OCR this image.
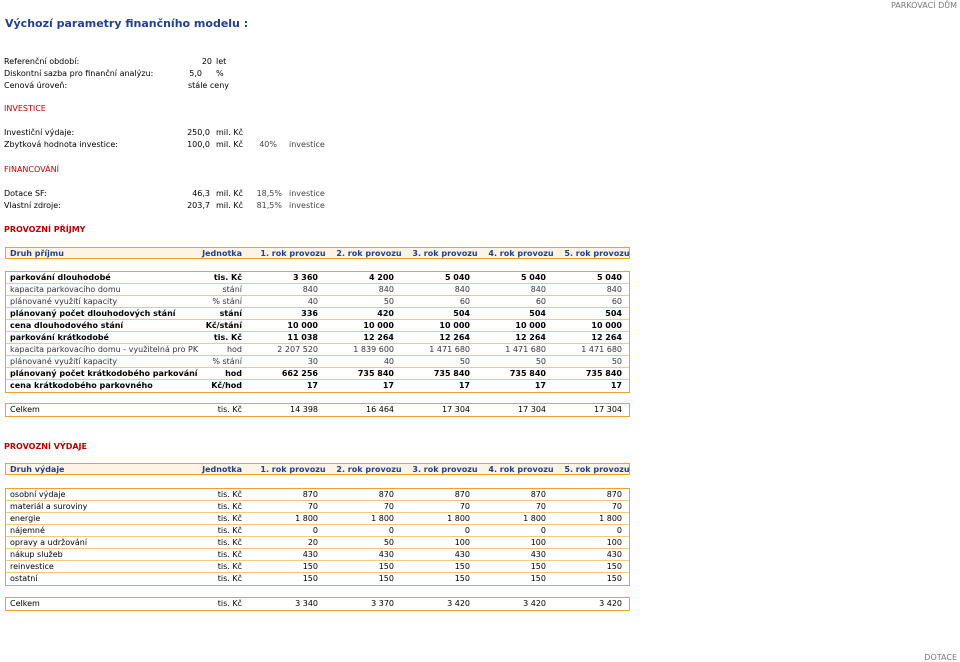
PARKOVACÍ DŮM
Výchozí parametry finančního modelu :
Referenční období:	20 let
Diskontní sazba pro finanční analýzu:	5,0 %
Cenová úroveň:	stále ceny
INVESTICE
Investiční výdaje:	250,0 mil. Kč
Zbytková hodnota investice:	100,0 mil. Kč	40% investice
FINANCOVÁNÍ
Dotace SF:	46,3 mil. Kč	18,5% investice
Vlastní zdroje:	203,7 mil. Kč	81,5% investice
PROVOZNÍ PŘÍJMY
Druh příjmu	Jednotka	1. rok provozu	2. rok provozu	3. rok provozu	4. rok provozu	5. rok provozu
parkování dlouhodobé	tis. Kč	3 360	4 200	5 040	5 040	5 040
kapacita parkovacího domu	stání	840	840	840	840	840
plánované využití kapacity	% stání	40	50	60	60	60
plánovaný počet dlouhodových stání	stání	336	420	504	504	504
cena dlouhodového stání	Kč/stání	10 000	10 000	10 000	10 000	10 000
parkování krátkodobé	tis. Kč	11 038	12 264	12 264	12 264	12 264
kapacita parkovacího domu - využitelná pro PK	hod	2 207 520	1 839 600	1 471 680	1 471 680	1 471 680
plánované využití kapacity	% stání	30	40	50	50	50
plánovaný počet krátkodobého parkování	hod	662 256	735 840	735 840	735 840	735 840
cena krátkodobého parkovného	Kč/hod	17	17	17	17	17
Celkem	tis. Kč	14 398	16 464	17 304	17 304	17 304
PROVOZNÍ VÝDAJE
Druh výdaje	Jednotka	1. rok provozu	2. rok provozu	3. rok provozu	4. rok provozu	5. rok provozu
osobní výdaje	tis. Kč	870	870	870	870	870
materiál a suroviny	tis. Kč	70	70	70	70	70
energie	tis. Kč	1 800	1 800	1 800	1 800	1 800
nájemné	tis. Kč	0	0	0	0	0
opravy a udržování	tis. Kč	20	50	100	100	100
nákup služeb	tis. Kč	430	430	430	430	430
reinvestice	tis. Kč	150	150	150	150	150
ostatní	tis. Kč	150	150	150	150	150
Celkem	tis. Kč	3 340	3 370	3 420	3 420	3 420
DOTACE
